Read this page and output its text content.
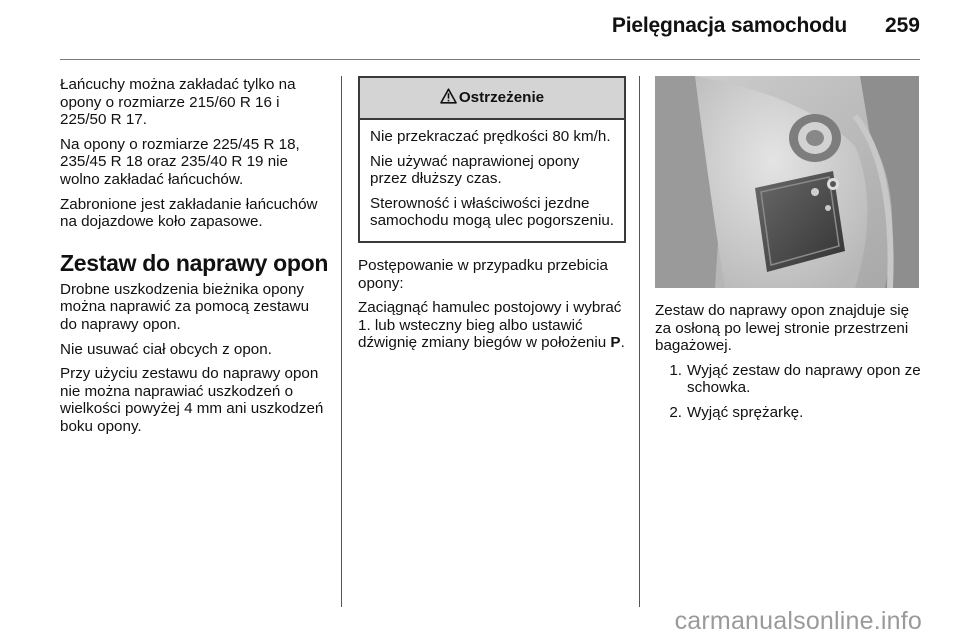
Pielęgnacja samochodu 259

Łańcuchy można zakładać tylko na opony o rozmiarze 215/60 R 16 i 225/50 R 17.

Na opony o rozmiarze 225/45 R 18, 235/45 R 18 oraz 235/40 R 19 nie wolno zakładać łańcuchów.

Zabronione jest zakładanie łańcuchów na dojazdowe koło zapasowe.

Zestaw do naprawy opon

Drobne uszkodzenia bieżnika opony można naprawić za pomocą zestawu do naprawy opon.

Nie usuwać ciał obcych z opon.

Przy użyciu zestawu do naprawy opon nie można naprawiać uszkodzeń o wielkości powyżej 4 mm ani uszkodzeń boku opony.

Ostrzeżenie

Nie przekraczać prędkości 80 km/h.

Nie używać naprawionej opony przez dłuższy czas.

Sterowność i właściwości jezdne samochodu mogą ulec pogorszeniu.

Postępowanie w przypadku przebicia opony:

Zaciągnąć hamulec postojowy i wybrać 1. lub wsteczny bieg albo ustawić dźwignię zmiany biegów w położeniu P.

Zestaw do naprawy opon znajduje się za osłoną po lewej stronie przestrzeni bagażowej.

1. Wyjąć zestaw do naprawy opon ze schowka.
2. Wyjąć sprężarkę.
carmanualsonline.info
